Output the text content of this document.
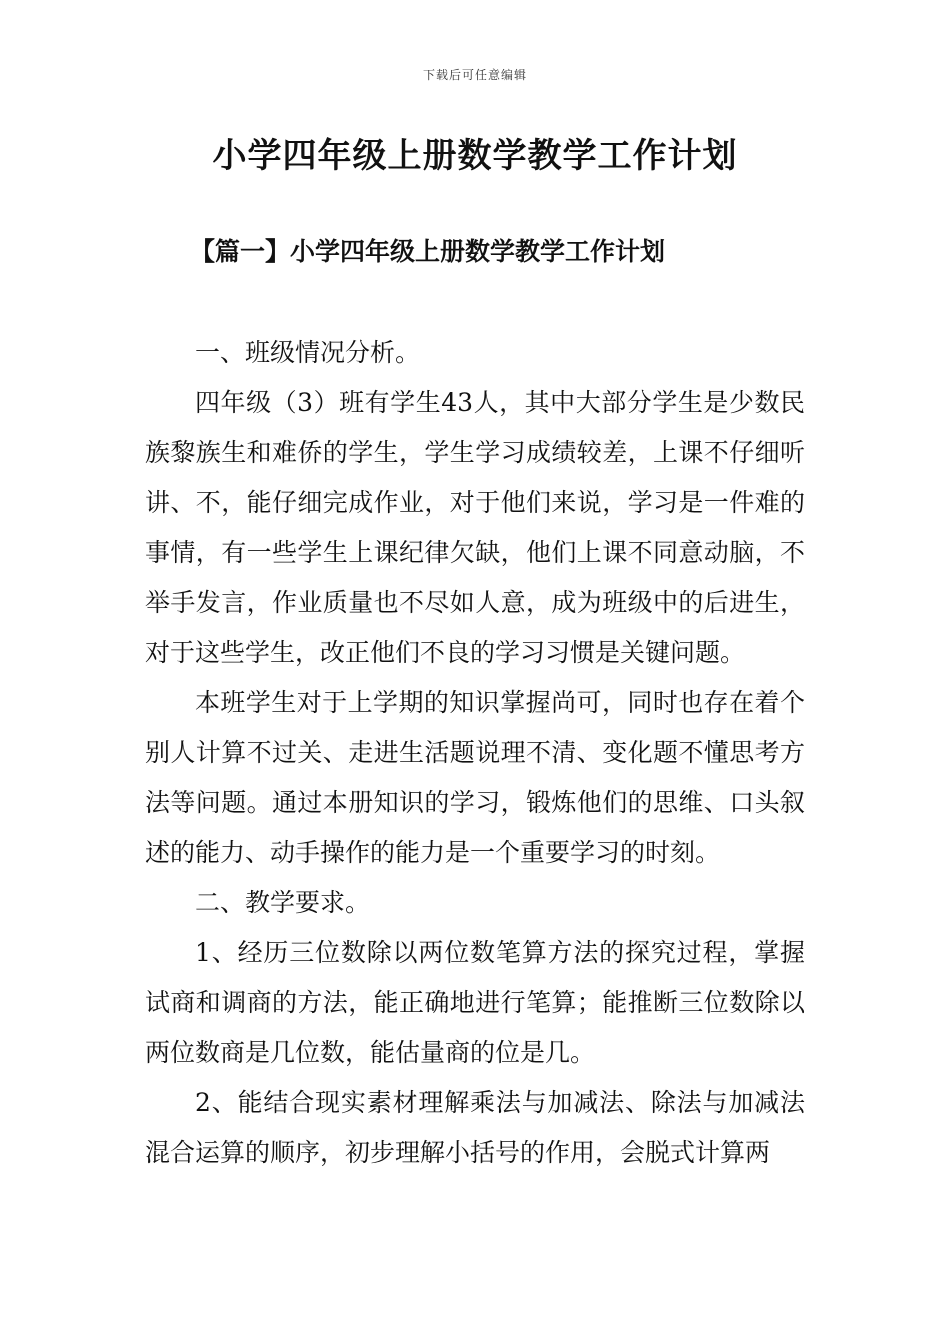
下载后可任意编辑
小学四年级上册数学教学工作计划
【篇一】小学四年级上册数学教学工作计划

一、班级情况分析。

四年级（3）班有学生43人，其中大部分学生是少数民族黎族生和难侨的学生，学生学习成绩较差，上课不仔细听讲、不，能仔细完成作业，对于他们来说，学习是一件难的事情，有一些学生上课纪律欠缺，他们上课不同意动脑，不举手发言，作业质量也不尽如人意，成为班级中的后进生，对于这些学生，改正他们不良的学习习惯是关键问题。

本班学生对于上学期的知识掌握尚可，同时也存在着个别人计算不过关、走进生活题说理不清、变化题不懂思考方法等问题。通过本册知识的学习，锻炼他们的思维、口头叙述的能力、动手操作的能力是一个重要学习的时刻。

二、教学要求。

1、经历三位数除以两位数笔算方法的探究过程，掌握试商和调商的方法，能正确地进行笔算；能推断三位数除以两位数商是几位数，能估量商的位是几。

2、能结合现实素材理解乘法与加减法、除法与加减法混合运算的顺序，初步理解小括号的作用，会脱式计算两
